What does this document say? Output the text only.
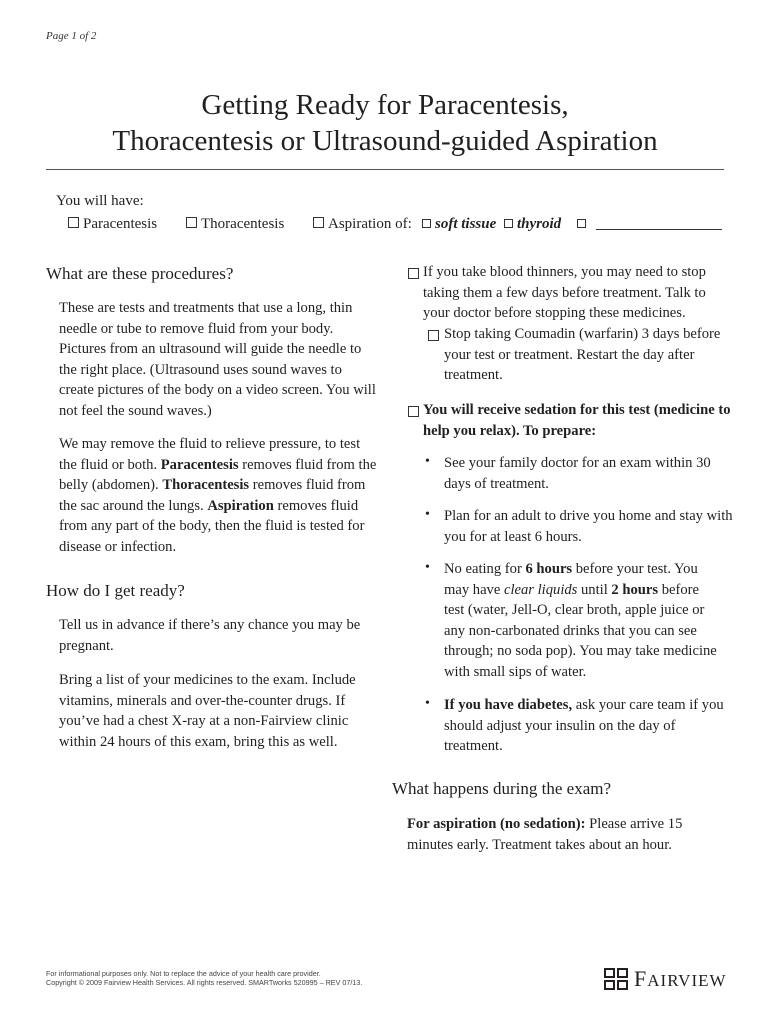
Page 1 of 2
Getting Ready for Paracentesis,
Thoracentesis or Ultrasound-guided Aspiration
You will have:
Paracentesis	Thoracentesis	Aspiration of:	soft tissue	thyroid
What are these procedures?

These are tests and treatments that use a long, thin needle or tube to remove fluid from your body. Pictures from an ultrasound will guide the needle to the right place. (Ultrasound uses sound waves to create pictures of the body on a video screen. You will not feel the sound waves.)

We may remove the fluid to relieve pressure, to test the fluid or both. Paracentesis removes fluid from the belly (abdomen). Thoracentesis removes fluid from the sac around the lungs. Aspiration removes fluid from any part of the body, then the fluid is tested for disease or infection.

How do I get ready?

Tell us in advance if there’s any chance you may be pregnant.

Bring a list of your medicines to the exam. Include vitamins, minerals and over-the-counter drugs. If you’ve had a chest X-ray at a non-Fairview clinic within 24 hours of this exam, bring this as well.

If you take blood thinners, you may need to stop taking them a few days before treatment. Talk to your doctor before stopping these medicines.

Stop taking Coumadin (warfarin) 3 days before your test or treatment. Restart the day after treatment.

You will receive sedation for this test (medicine to help you relax). To prepare:

• See your family doctor for an exam within 30 days of treatment.

• Plan for an adult to drive you home and stay with you for at least 6 hours.

• No eating for 6 hours before your test. You may have clear liquids until 2 hours before test (water, Jell-O, clear broth, apple juice or any non-carbonated drinks that you can see through; no soda pop). You may take medicine with small sips of water.

• If you have diabetes, ask your care team if you should adjust your insulin on the day of treatment.

What happens during the exam?

For aspiration (no sedation): Please arrive 15 minutes early. Treatment takes about an hour.

For informational purposes only. Not to replace the advice of your health care provider.
Copyright © 2009 Fairview Health Services. All rights reserved. SMARTworks 520995 – REV 07/13.	FAIRVIEW
